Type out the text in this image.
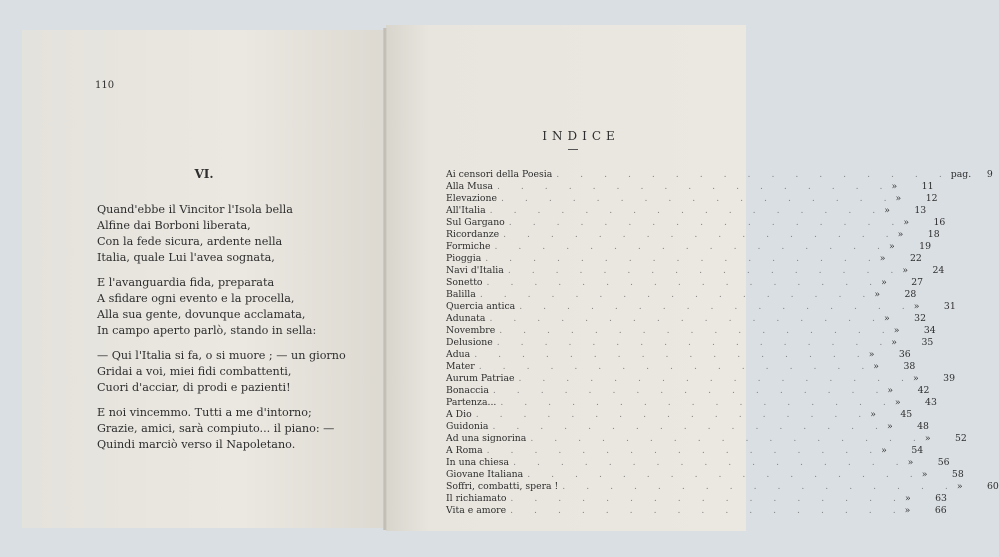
110
VI.
Quand'ebbe il Vincitor l'Isola bella
Alfine dai Borboni liberata,
Con la fede sicura, ardente nella
Italia, quale Lui l'avea sognata,
E l'avanguardia fida, preparata
A sfidare ogni evento e la procella,
Alla sua gente, dovunque acclamata,
In campo aperto parlò, stando in sella:
— Qui l'Italia si fa, o si muore ; — un giorno
Gridai a voi, miei fidi combattenti,
Cuori d'acciar, di prodi e pazienti!
E noi vincemmo. Tutti a me d'intorno;
Grazie, amici, sarà compiuto... il piano: —
Quindi marciò verso il Napoletano.
INDICE
Ai censori della Poesia . . . . . . . . . . . . . . . . . pag.	9
Alla Musa . . . . . . . . . . . . . . . . . »	11
Elevazione . . . . . . . . . . . . . . . . . »	12
All'Italia . . . . . . . . . . . . . . . . . »	13
Sul Gargano . . . . . . . . . . . . . . . . . »	16
Ricordanze . . . . . . . . . . . . . . . . . »	18
Formiche . . . . . . . . . . . . . . . . . »	19
Pioggia . . . . . . . . . . . . . . . . . »	22
Navi d'Italia . . . . . . . . . . . . . . . . . »	24
Sonetto . . . . . . . . . . . . . . . . . »	27
Balilla . . . . . . . . . . . . . . . . . »	28
Quercia antica . . . . . . . . . . . . . . . . . »	31
Adunata . . . . . . . . . . . . . . . . . »	32
Novembre . . . . . . . . . . . . . . . . . »	34
Delusione . . . . . . . . . . . . . . . . . »	35
Adua . . . . . . . . . . . . . . . . . »	36
Mater . . . . . . . . . . . . . . . . . »	38
Aurum Patriae . . . . . . . . . . . . . . . . . »	39
Bonaccia . . . . . . . . . . . . . . . . . »	42
Partenza... . . . . . . . . . . . . . . . . . »	43
A Dio . . . . . . . . . . . . . . . . . »	45
Guidonia . . . . . . . . . . . . . . . . . »	48
Ad una signorina . . . . . . . . . . . . . . . . . »	52
A Roma . . . . . . . . . . . . . . . . . »	54
In una chiesa . . . . . . . . . . . . . . . . . »	56
Giovane Italiana . . . . . . . . . . . . . . . . . »	58
Soffri, combatti, spera ! . . . . . . . . . . . . . . . . . »	60
Il richiamato . . . . . . . . . . . . . . . . . »	63
Vita e amore . . . . . . . . . . . . . . . . . »	66
